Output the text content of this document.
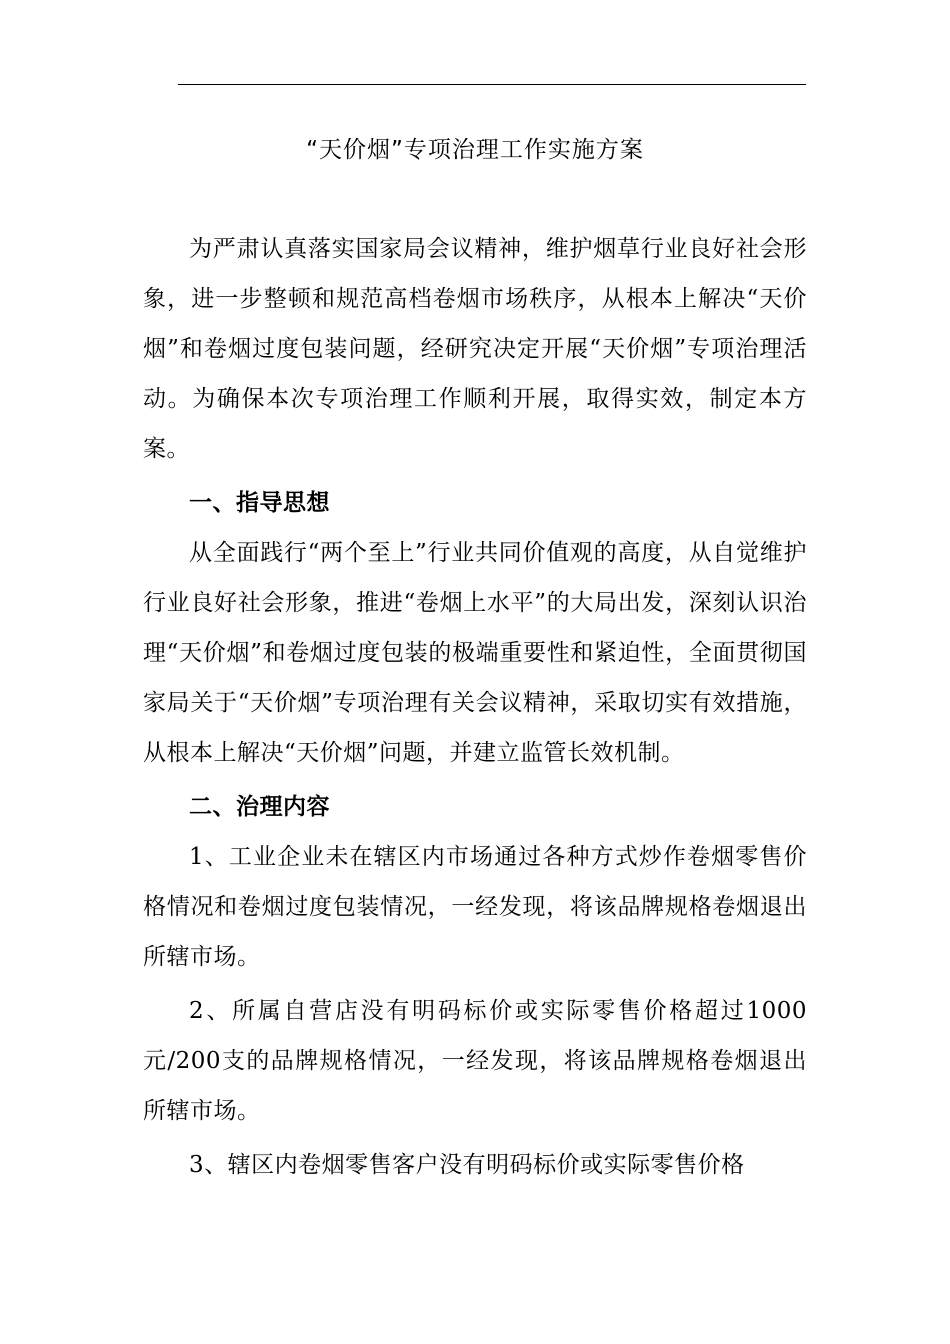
“天价烟”专项治理工作实施方案

为严肃认真落实国家局会议精神，维护烟草行业良好社会形象，进一步整顿和规范高档卷烟市场秩序，从根本上解决“天价烟”和卷烟过度包装问题，经研究决定开展“天价烟”专项治理活动。为确保本次专项治理工作顺利开展，取得实效，制定本方案。

一、指导思想

从全面践行“两个至上”行业共同价值观的高度，从自觉维护行业良好社会形象，推进“卷烟上水平”的大局出发，深刻认识治理“天价烟”和卷烟过度包装的极端重要性和紧迫性，全面贯彻国家局关于“天价烟”专项治理有关会议精神，采取切实有效措施，从根本上解决“天价烟”问题，并建立监管长效机制。

二、治理内容

1、工业企业未在辖区内市场通过各种方式炒作卷烟零售价格情况和卷烟过度包装情况，一经发现，将该品牌规格卷烟退出所辖市场。

2、所属自营店没有明码标价或实际零售价格超过1000元/200支的品牌规格情况，一经发现，将该品牌规格卷烟退出所辖市场。

3、辖区内卷烟零售客户没有明码标价或实际零售价格
